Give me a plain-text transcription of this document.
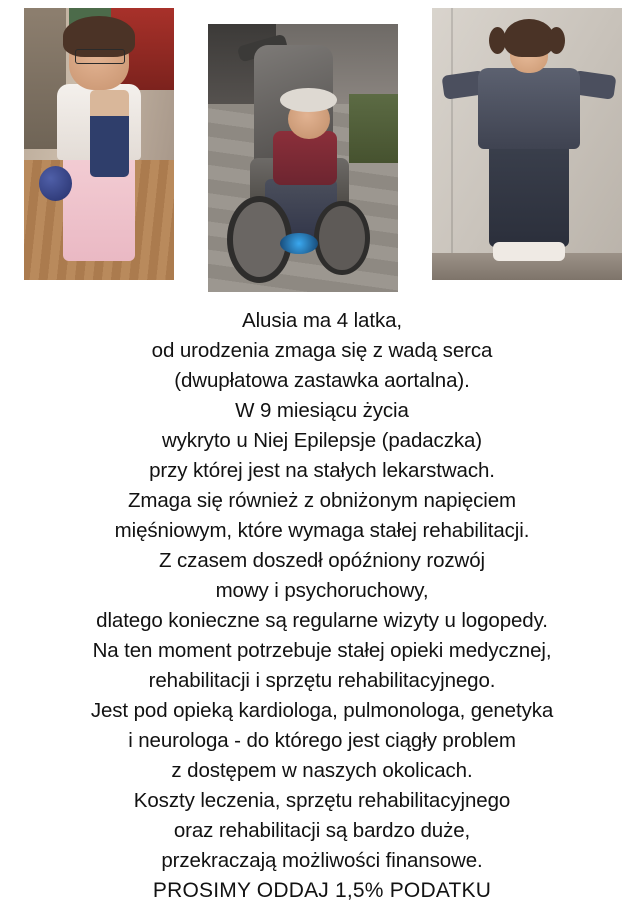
Alusia ma 4 latka,

od urodzenia zmaga się z wadą serca

(dwupłatowa zastawka aortalna).

W 9 miesiącu życia

wykryto u Niej Epilepsje (padaczka)

przy której jest na stałych lekarstwach.

Zmaga się również z obniżonym napięciem

mięśniowym, które wymaga stałej rehabilitacji.

Z czasem doszedł opóźniony rozwój

mowy i psychoruchowy,

dlatego konieczne są regularne wizyty u logopedy.

Na ten moment potrzebuje stałej opieki medycznej,

rehabilitacji i sprzętu rehabilitacyjnego.

Jest pod opieką kardiologa, pulmonologa, genetyka

i neurologa - do którego jest ciągły problem

z dostępem w naszych okolicach.

Koszty leczenia, sprzętu rehabilitacyjnego

oraz rehabilitacji są bardzo duże,

przekraczają możliwości finansowe.

PROSIMY ODDAJ 1,5% PODATKU
